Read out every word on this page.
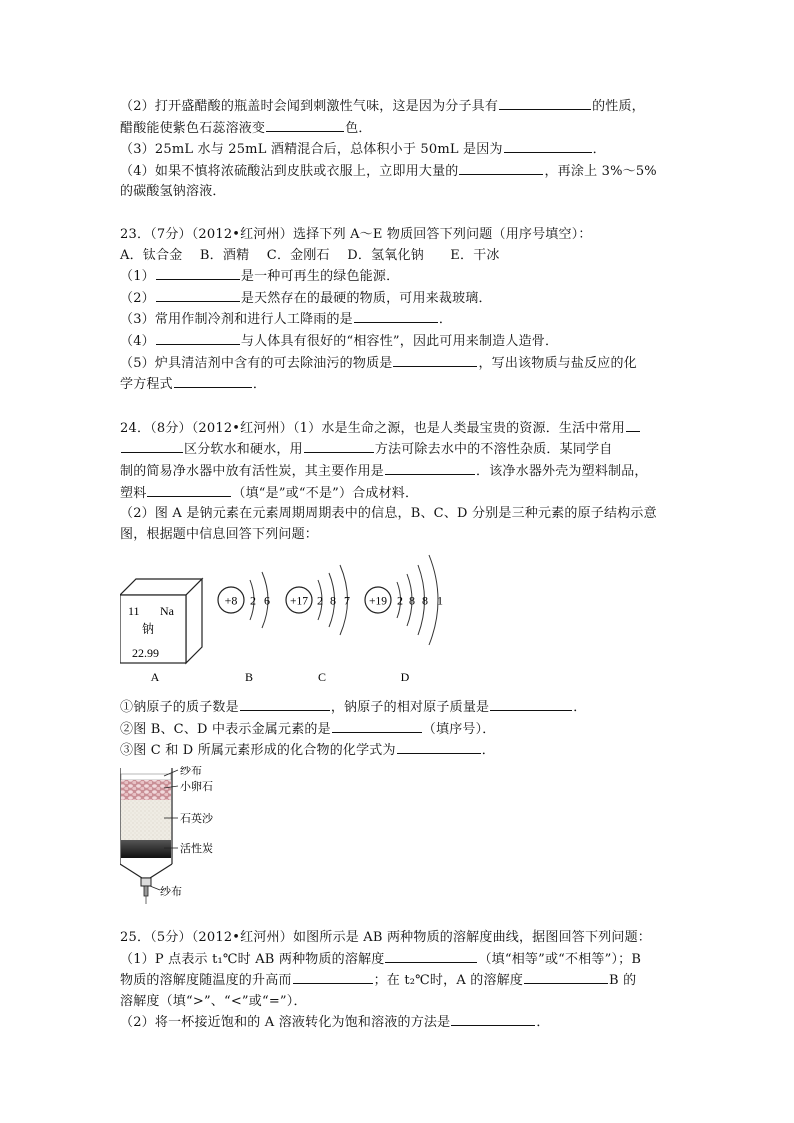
（2）打开盛醋酸的瓶盖时会闻到刺激性气味，这是因为分子具有	的性质，
醋酸能使紫色石蕊溶液变	色．
（3）25mL 水与 25mL 酒精混合后，总体积小于 50mL 是因为	．
（4）如果不慎将浓硫酸沾到皮肤或衣服上，立即用大量的	，再涂上 3%～5%
的碳酸氢钠溶液．
23．（7分）（2012•红河州）选择下列 A～E 物质回答下列问题（用序号填空）：
A．钛合金　 B．酒精　 C．金刚石　 D．氢氧化钠　　E．干冰
（1）	是一种可再生的绿色能源．
（2）	是天然存在的最硬的物质，可用来裁玻璃．
（3）常用作制冷剂和进行人工降雨的是	．
（4）	与人体具有很好的“相容性”，因此可用来制造人造骨．
（5）炉具清洁剂中含有的可去除油污的物质是	，写出该物质与盐反应的化
学方程式	．
24．（8分）（2012•红河州）（1）水是生命之源，也是人类最宝贵的资源．生活中常用
区分软水和硬水，用	方法可除去水中的不溶性杂质．某同学自
制的简易净水器中放有活性炭，其主要作用是	．该净水器外壳为塑料制品，
塑料	（填“是”或“不是”）合成材料．
（2）图 A 是钠元素在元素周期周期表中的信息，B、C、D 分别是三种元素的原子结构示意
图，根据题中信息回答下列问题：
11 Na
钠
22.99
+8 2 6 +17 2 8 7 +19 2 8 8 1
A	B	C	D
①钠原子的质子数是	，钠原子的相对原子质量是	．
②图 B、C、D 中表示金属元素的是	（填序号）．
③图 C 和 D 所属元素形成的化合物的化学式为	．
纱布
小卵石
石英沙
活性炭
纱布
25．（5分）（2012•红河州）如图所示是 AB 两种物质的溶解度曲线，据图回答下列问题：
（1）P 点表示 t₁℃时 AB 两种物质的溶解度	（填“相等”或“不相等”）；B
物质的溶解度随温度的升高而	；在 t₂℃时，A 的溶解度	B 的
溶解度（填“>”、“<”或“=”）．
（2）将一杯接近饱和的 A 溶液转化为饱和溶液的方法是	．
